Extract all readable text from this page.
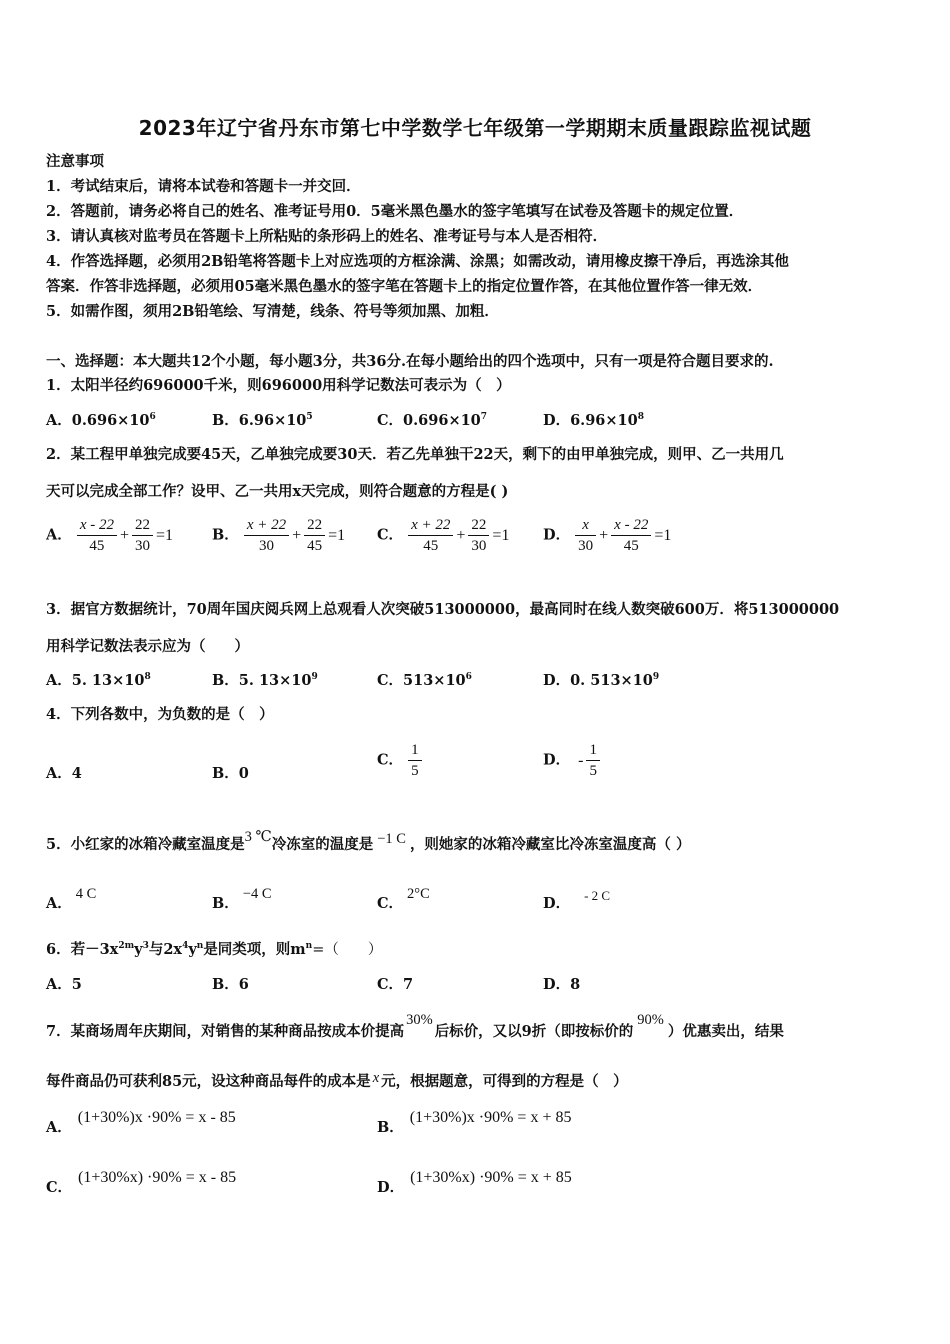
2023年辽宁省丹东市第七中学数学七年级第一学期期末质量跟踪监视试题
注意事项
1．考试结束后，请将本试卷和答题卡一并交回．
2．答题前，请务必将自己的姓名、准考证号用0．5毫米黑色墨水的签字笔填写在试卷及答题卡的规定位置．
3．请认真核对监考员在答题卡上所粘贴的条形码上的姓名、准考证号与本人是否相符．
4．作答选择题，必须用2B铅笔将答题卡上对应选项的方框涂满、涂黑；如需改动，请用橡皮擦干净后，再选涂其他
答案．作答非选择题，必须用05毫米黑色墨水的签字笔在答题卡上的指定位置作答，在其他位置作答一律无效．
5．如需作图，须用2B铅笔绘、写清楚，线条、符号等须加黑、加粗．
一、选择题：本大题共12个小题，每小题3分，共36分.在每小题给出的四个选项中，只有一项是符合题目要求的.
1．太阳半径约696000千米，则696000用科学记数法可表示为（　）
A．$0.696\times 10^6$	B．$6.96\times 10^5$	C．$0.696\times 10^7$	D．$6.96\times 10^8$
2．某工程甲单独完成要45天，乙单独完成要30天．若乙先单独干22天，剩下的由甲单独完成，则甲、乙一共用几
天可以完成全部工作？设甲、乙一共用x天完成，则符合题意的方程是( )
A． $\frac{x - 22}{45} + \frac{22}{30} =1$	B． $\frac{x + 22}{30} + \frac{22}{45} =1$ C． $\frac{x + 22}{45} + \frac{22}{30} =1$ D． $\frac{x}{30} + \frac{x - 22}{45} =1$
3．据官方数据统计，70周年国庆阅兵网上总观看人次突破513000000，最高同时在线人数突破600万．将513000000
用科学记数法表示应为（　　）
A．5. $13\times 10^8$	B．5. $13\times 10^9$	C．$513\times 10^6$	D．0. $513\times 10^9$
4．下列各数中，为负数的是（　）
A．4	B．0
C． $\frac{1}{5}$	D． - $\frac{1}{5}$
5．小红家的冰箱冷藏室温度是3 ℃冷冻室的温度是 −1 C ，则她家的冰箱冷藏室比冷冻室温度高（ ）
A．4 C
B．−4 C
C．2°C
D． - 2 C
6．若$-3x^{2m}y^3$与$2x^4y^n$是同类项，则$m^n=$（　　）
A．5	B．6	C．7	D．8
7．某商场周年庆期间，对销售的某种商品按成本价提高30%后标价，又以9折（即按标价的90%）优惠卖出，结果
每件商品仍可获利85元，设这种商品每件的成本是 x 元，根据题意，可得到的方程是（　）
A．(1+30%)x ·90% = x - 85
B．(1+30%)x ·90% = x + 85
C．(1+30%x) ·90% = x - 85
D．(1+30%x) ·90% = x + 85
